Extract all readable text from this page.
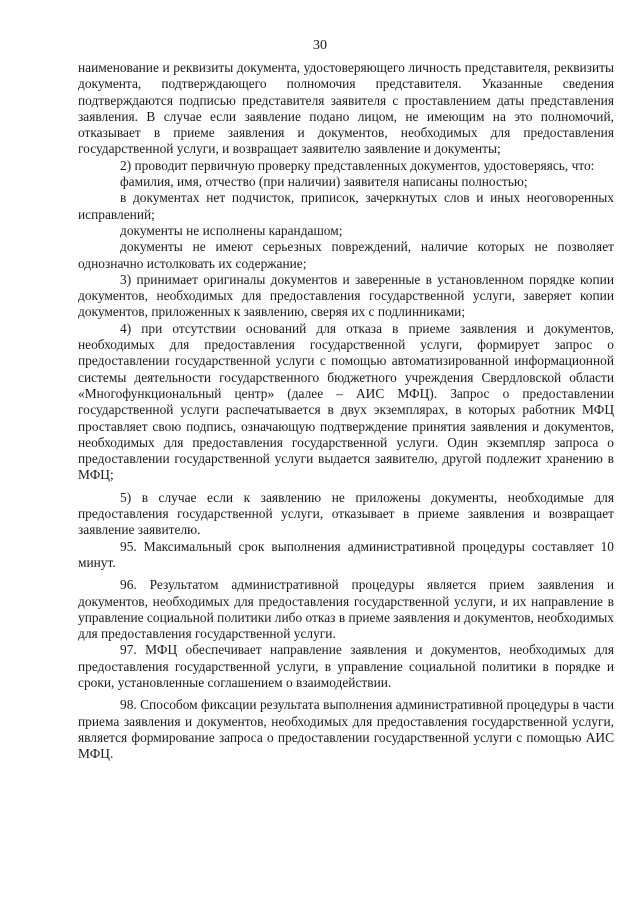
30

наименование и реквизиты документа, удостоверяющего личность представителя, реквизиты документа, подтверждающего полномочия представителя. Указанные сведения подтверждаются подписью представителя заявителя с проставлением даты представления заявления. В случае если заявление подано лицом, не имеющим на это полномочий, отказывает в приеме заявления и документов, необходимых для предоставления государственной услуги, и возвращает заявителю заявление и документы;

2) проводит первичную проверку представленных документов, удостоверяясь, что:

фамилия, имя, отчество (при наличии) заявителя написаны полностью;

в документах нет подчисток, приписок, зачеркнутых слов и иных неоговоренных исправлений;

документы не исполнены карандашом;

документы не имеют серьезных повреждений, наличие которых не позволяет однозначно истолковать их содержание;

3) принимает оригиналы документов и заверенные в установленном порядке копии документов, необходимых для предоставления государственной услуги, заверяет копии документов, приложенных к заявлению, сверяя их с подлинниками;

4) при отсутствии оснований для отказа в приеме заявления и документов, необходимых для предоставления государственной услуги, формирует запрос о предоставлении государственной услуги с помощью автоматизированной информационной системы деятельности государственного бюджетного учреждения Свердловской области «Многофункциональный центр» (далее – АИС МФЦ). Запрос о предоставлении государственной услуги распечатывается в двух экземплярах, в которых работник МФЦ проставляет свою подпись, означающую подтверждение принятия заявления и документов, необходимых для предоставления государственной услуги. Один экземпляр запроса о предоставлении государственной услуги выдается заявителю, другой подлежит хранению в МФЦ;

5) в случае если к заявлению не приложены документы, необходимые для предоставления государственной услуги, отказывает в приеме заявления и возвращает заявление заявителю.

95. Максимальный срок выполнения административной процедуры составляет 10 минут.

96. Результатом административной процедуры является прием заявления и документов, необходимых для предоставления государственной услуги, и их направление в управление социальной политики либо отказ в приеме заявления и документов, необходимых для предоставления государственной услуги.

97. МФЦ обеспечивает направление заявления и документов, необходимых для предоставления государственной услуги, в управление социальной политики в порядке и сроки, установленные соглашением о взаимодействии.

98. Способом фиксации результата выполнения административной процедуры в части приема заявления и документов, необходимых для предоставления государственной услуги, является формирование запроса о предоставлении государственной услуги с помощью АИС МФЦ.
